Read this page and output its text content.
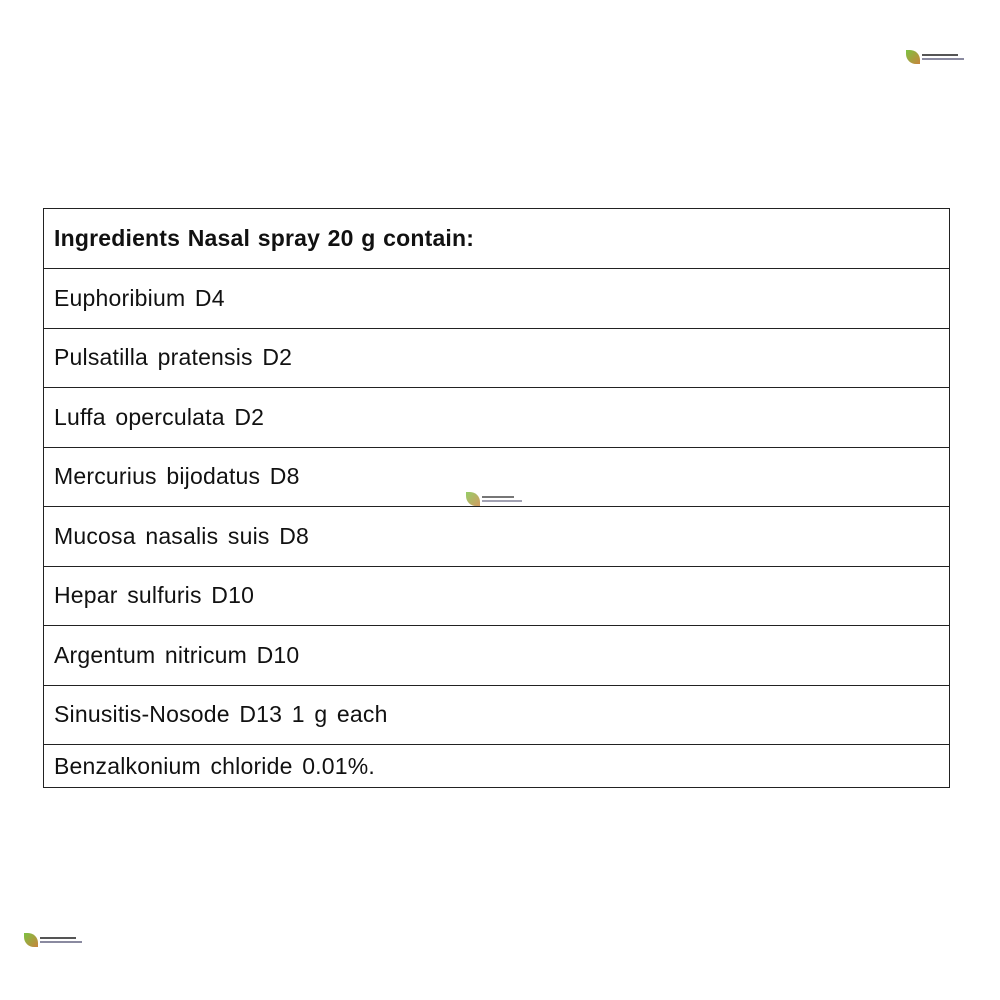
Ingredients Nasal spray 20 g contain:
Euphoribium D4
Pulsatilla pratensis D2
Luffa operculata D2
Mercurius bijodatus D8
Mucosa nasalis suis D8
Hepar sulfuris D10
Argentum nitricum D10
Sinusitis-Nosode D13 1 g each
Benzalkonium chloride 0.01%.
